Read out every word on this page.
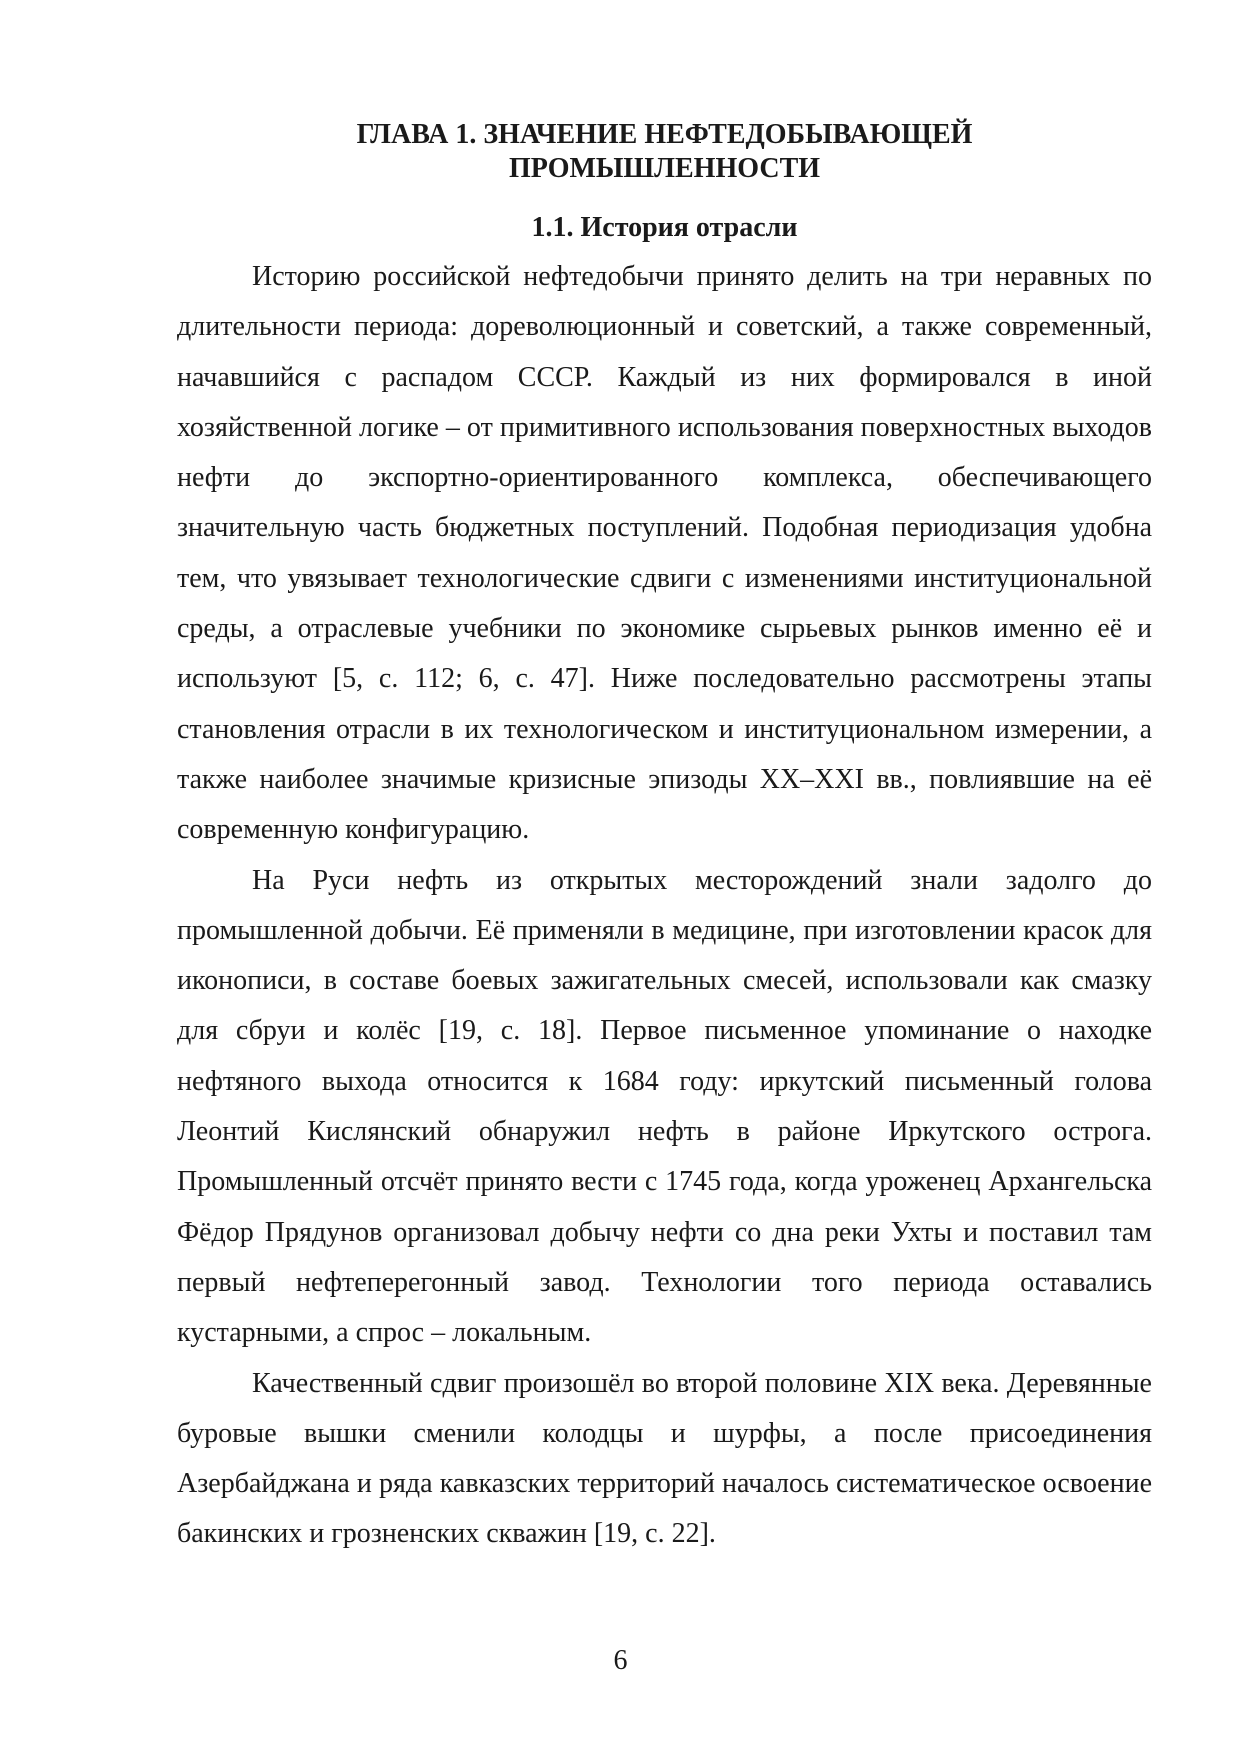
ГЛАВА 1. ЗНАЧЕНИЕ НЕФТЕДОБЫВАЮЩЕЙ
ПРОМЫШЛЕННОСТИ
1.1. История отрасли

Историю российской нефтедобычи принято делить на три неравных по длительности периода: дореволюционный и советский, а также современный, начавшийся с распадом СССР. Каждый из них формировался в иной хозяйственной логике – от примитивного использования поверхностных выходов нефти до экспортно-ориентированного комплекса, обеспечивающего значительную часть бюджетных поступлений. Подобная периодизация удобна тем, что увязывает технологические сдвиги с изменениями институциональной среды, а отраслевые учебники по экономике сырьевых рынков именно её и используют [5, с. 112; 6, с. 47]. Ниже последовательно рассмотрены этапы становления отрасли в их технологическом и институциональном измерении, а также наиболее значимые кризисные эпизоды XX–XXI вв., повлиявшие на её современную конфигурацию.

На Руси нефть из открытых месторождений знали задолго до промышленной добычи. Её применяли в медицине, при изготовлении красок для иконописи, в составе боевых зажигательных смесей, использовали как смазку для сбруи и колёс [19, с. 18]. Первое письменное упоминание о находке нефтяного выхода относится к 1684 году: иркутский письменный голова Леонтий Кислянский обнаружил нефть в районе Иркутского острога. Промышленный отсчёт принято вести с 1745 года, когда уроженец Архангельска Фёдор Прядунов организовал добычу нефти со дна реки Ухты и поставил там первый нефтеперегонный завод. Технологии того периода оставались кустарными, а спрос – локальным.

Качественный сдвиг произошёл во второй половине XIX века. Деревянные буровые вышки сменили колодцы и шурфы, а после присоединения Азербайджана и ряда кавказских территорий началось систематическое освоение бакинских и грозненских скважин [19, с. 22].

6
